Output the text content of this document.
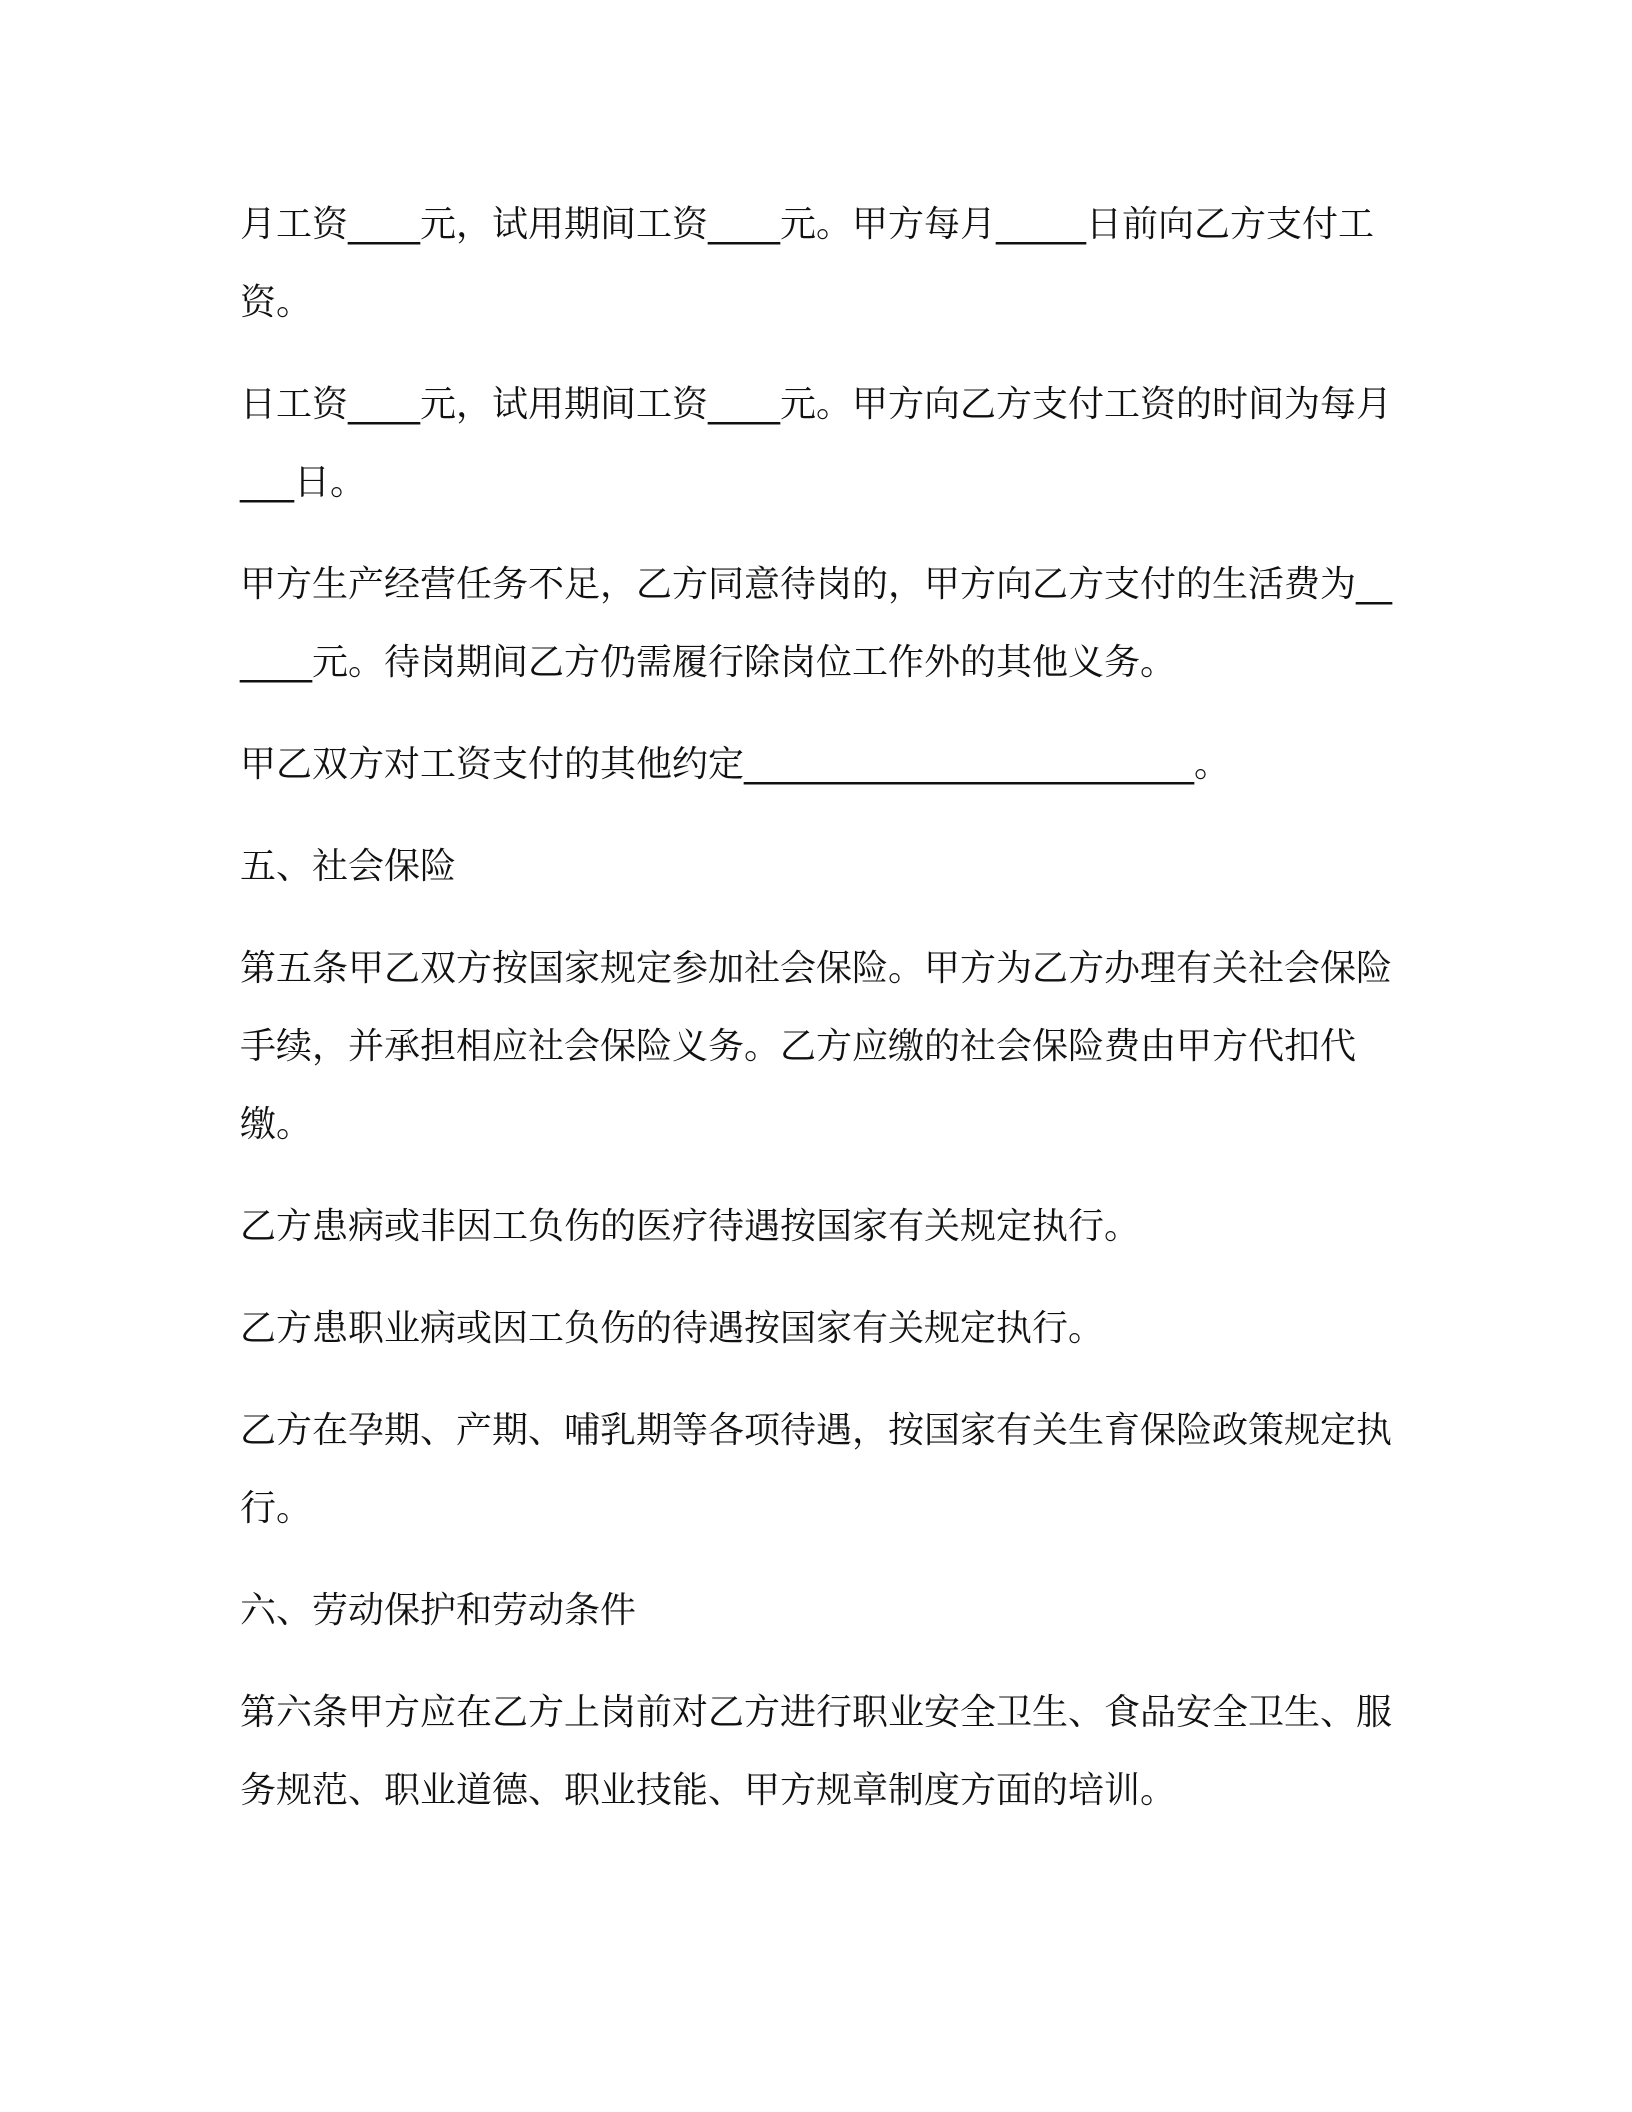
月工资____元，试用期间工资____元。甲方每月_____日前向乙方支付工资。

日工资____元，试用期间工资____元。甲方向乙方支付工资的时间为每月___日。

甲方生产经营任务不足，乙方同意待岗的，甲方向乙方支付的生活费为______元。待岗期间乙方仍需履行除岗位工作外的其他义务。

甲乙双方对工资支付的其他约定_________________________。

五、社会保险

第五条甲乙双方按国家规定参加社会保险。甲方为乙方办理有关社会保险手续，并承担相应社会保险义务。乙方应缴的社会保险费由甲方代扣代缴。

乙方患病或非因工负伤的医疗待遇按国家有关规定执行。

乙方患职业病或因工负伤的待遇按国家有关规定执行。

乙方在孕期、产期、哺乳期等各项待遇，按国家有关生育保险政策规定执行。

六、劳动保护和劳动条件

第六条甲方应在乙方上岗前对乙方进行职业安全卫生、食品安全卫生、服务规范、职业道德、职业技能、甲方规章制度方面的培训。
